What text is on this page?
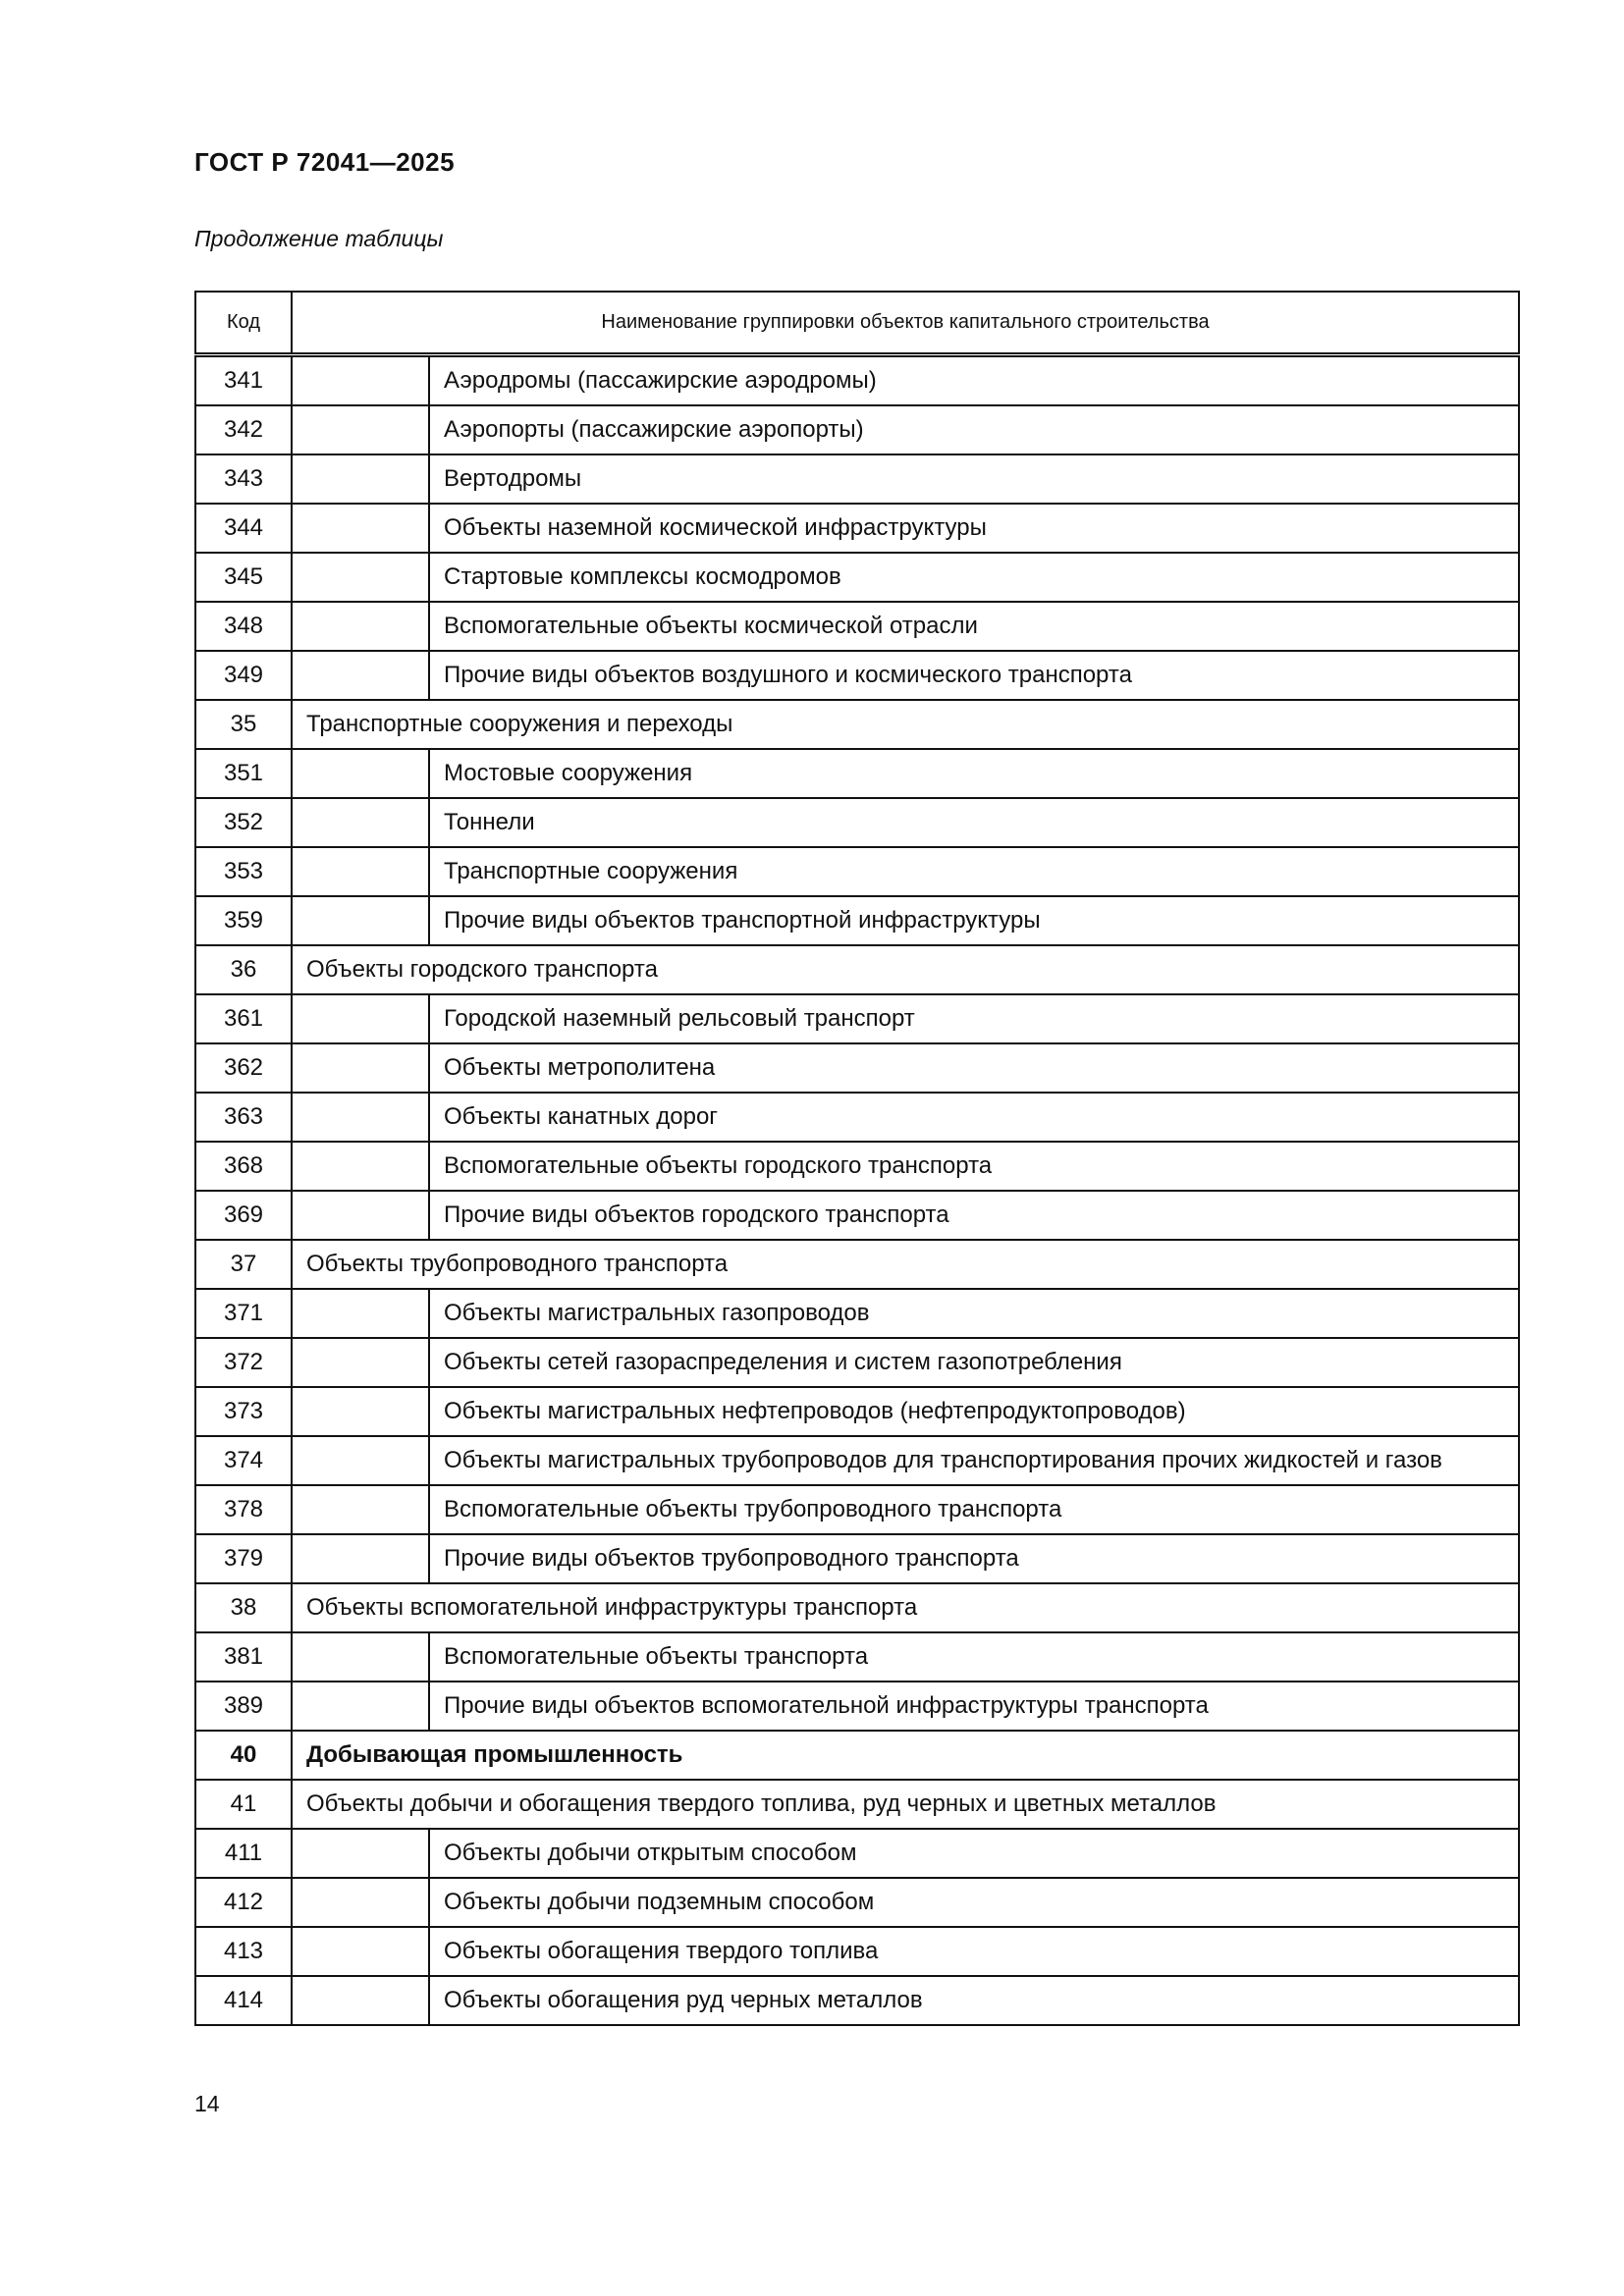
ГОСТ Р 72041—2025
Продолжение таблицы
Код	Наименование группировки объектов капитального строительства	
341		Аэродромы (пассажирские аэродромы)
342		Аэропорты (пассажирские аэропорты)
343		Вертодромы
344		Объекты наземной космической инфраструктуры
345		Стартовые комплексы космодромов
348		Вспомогательные объекты космической отрасли
349		Прочие виды объектов воздушного и космического транспорта
35	Транспортные сооружения и переходы	
351		Мостовые сооружения
352		Тоннели
353		Транспортные сооружения
359		Прочие виды объектов транспортной инфраструктуры
36	Объекты городского транспорта	
361		Городской наземный рельсовый транспорт
362		Объекты метрополитена
363		Объекты канатных дорог
368		Вспомогательные объекты городского транспорта
369		Прочие виды объектов городского транспорта
37	Объекты трубопроводного транспорта	
371		Объекты магистральных газопроводов
372		Объекты сетей газораспределения и систем газопотребления
373		Объекты магистральных нефтепроводов (нефтепродуктопроводов)
374		Объекты магистральных трубопроводов для транспортирования прочих жидкостей и газов
378		Вспомогательные объекты трубопроводного транспорта
379		Прочие виды объектов трубопроводного транспорта
38	Объекты вспомогательной инфраструктуры транспорта	
381		Вспомогательные объекты транспорта
389		Прочие виды объектов вспомогательной инфраструктуры транспорта
40	Добывающая промышленность	
41	Объекты добычи и обогащения твердого топлива, руд черных и цветных металлов	
411		Объекты добычи открытым способом
412		Объекты добычи подземным способом
413		Объекты обогащения твердого топлива
414		Объекты обогащения руд черных металлов
14
